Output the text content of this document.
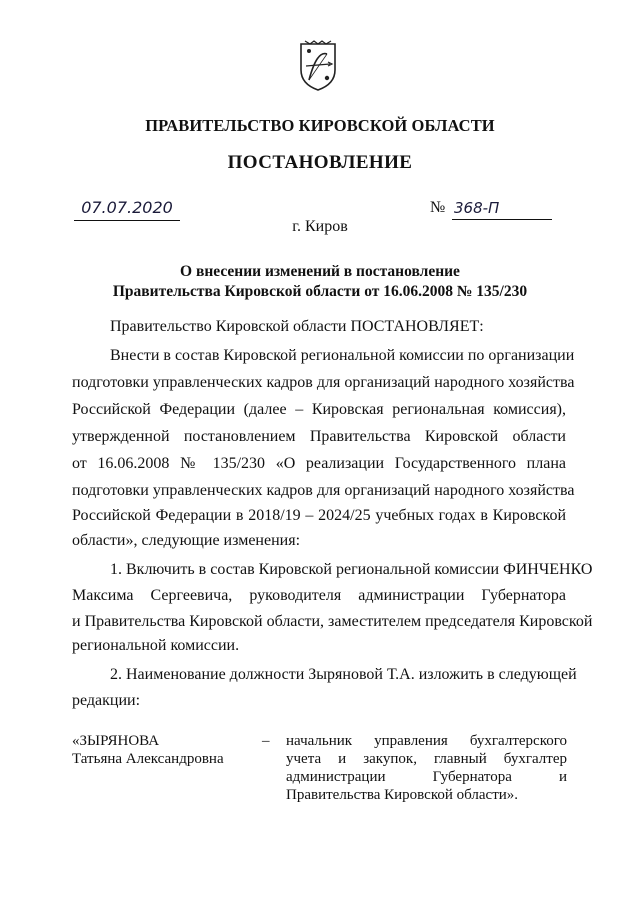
ПРАВИТЕЛЬСТВО КИРОВСКОЙ ОБЛАСТИ
ПОСТАНОВЛЕНИЕ
07.07.2020	№ 368-П
г. Киров
О внесении изменений в постановление
Правительства Кировской области от 16.06.2008 № 135/230
Правительство Кировской области ПОСТАНОВЛЯЕТ:
Внести в состав Кировской региональной комиссии по организации
подготовки управленческих кадров для организаций народного хозяйства
Российской Федерации (далее – Кировская региональная комиссия),
утвержденной постановлением Правительства Кировской области
от 16.06.2008 № 135/230 «О реализации Государственного плана
подготовки управленческих кадров для организаций народного хозяйства
Российской Федерации в 2018/19 – 2024/25 учебных годах в Кировской
области», следующие изменения:
1. Включить в состав Кировской региональной комиссии ФИНЧЕНКО
Максима Сергеевича, руководителя администрации Губернатора
и Правительства Кировской области, заместителем председателя Кировской
региональной комиссии.
2. Наименование должности Зыряновой Т.А. изложить в следующей
редакции:
«ЗЫРЯНОВА
Татьяна Александровна
– начальник управления бухгалтерского
учета и закупок, главный бухгалтер
администрации Губернатора и
Правительства Кировской области».
